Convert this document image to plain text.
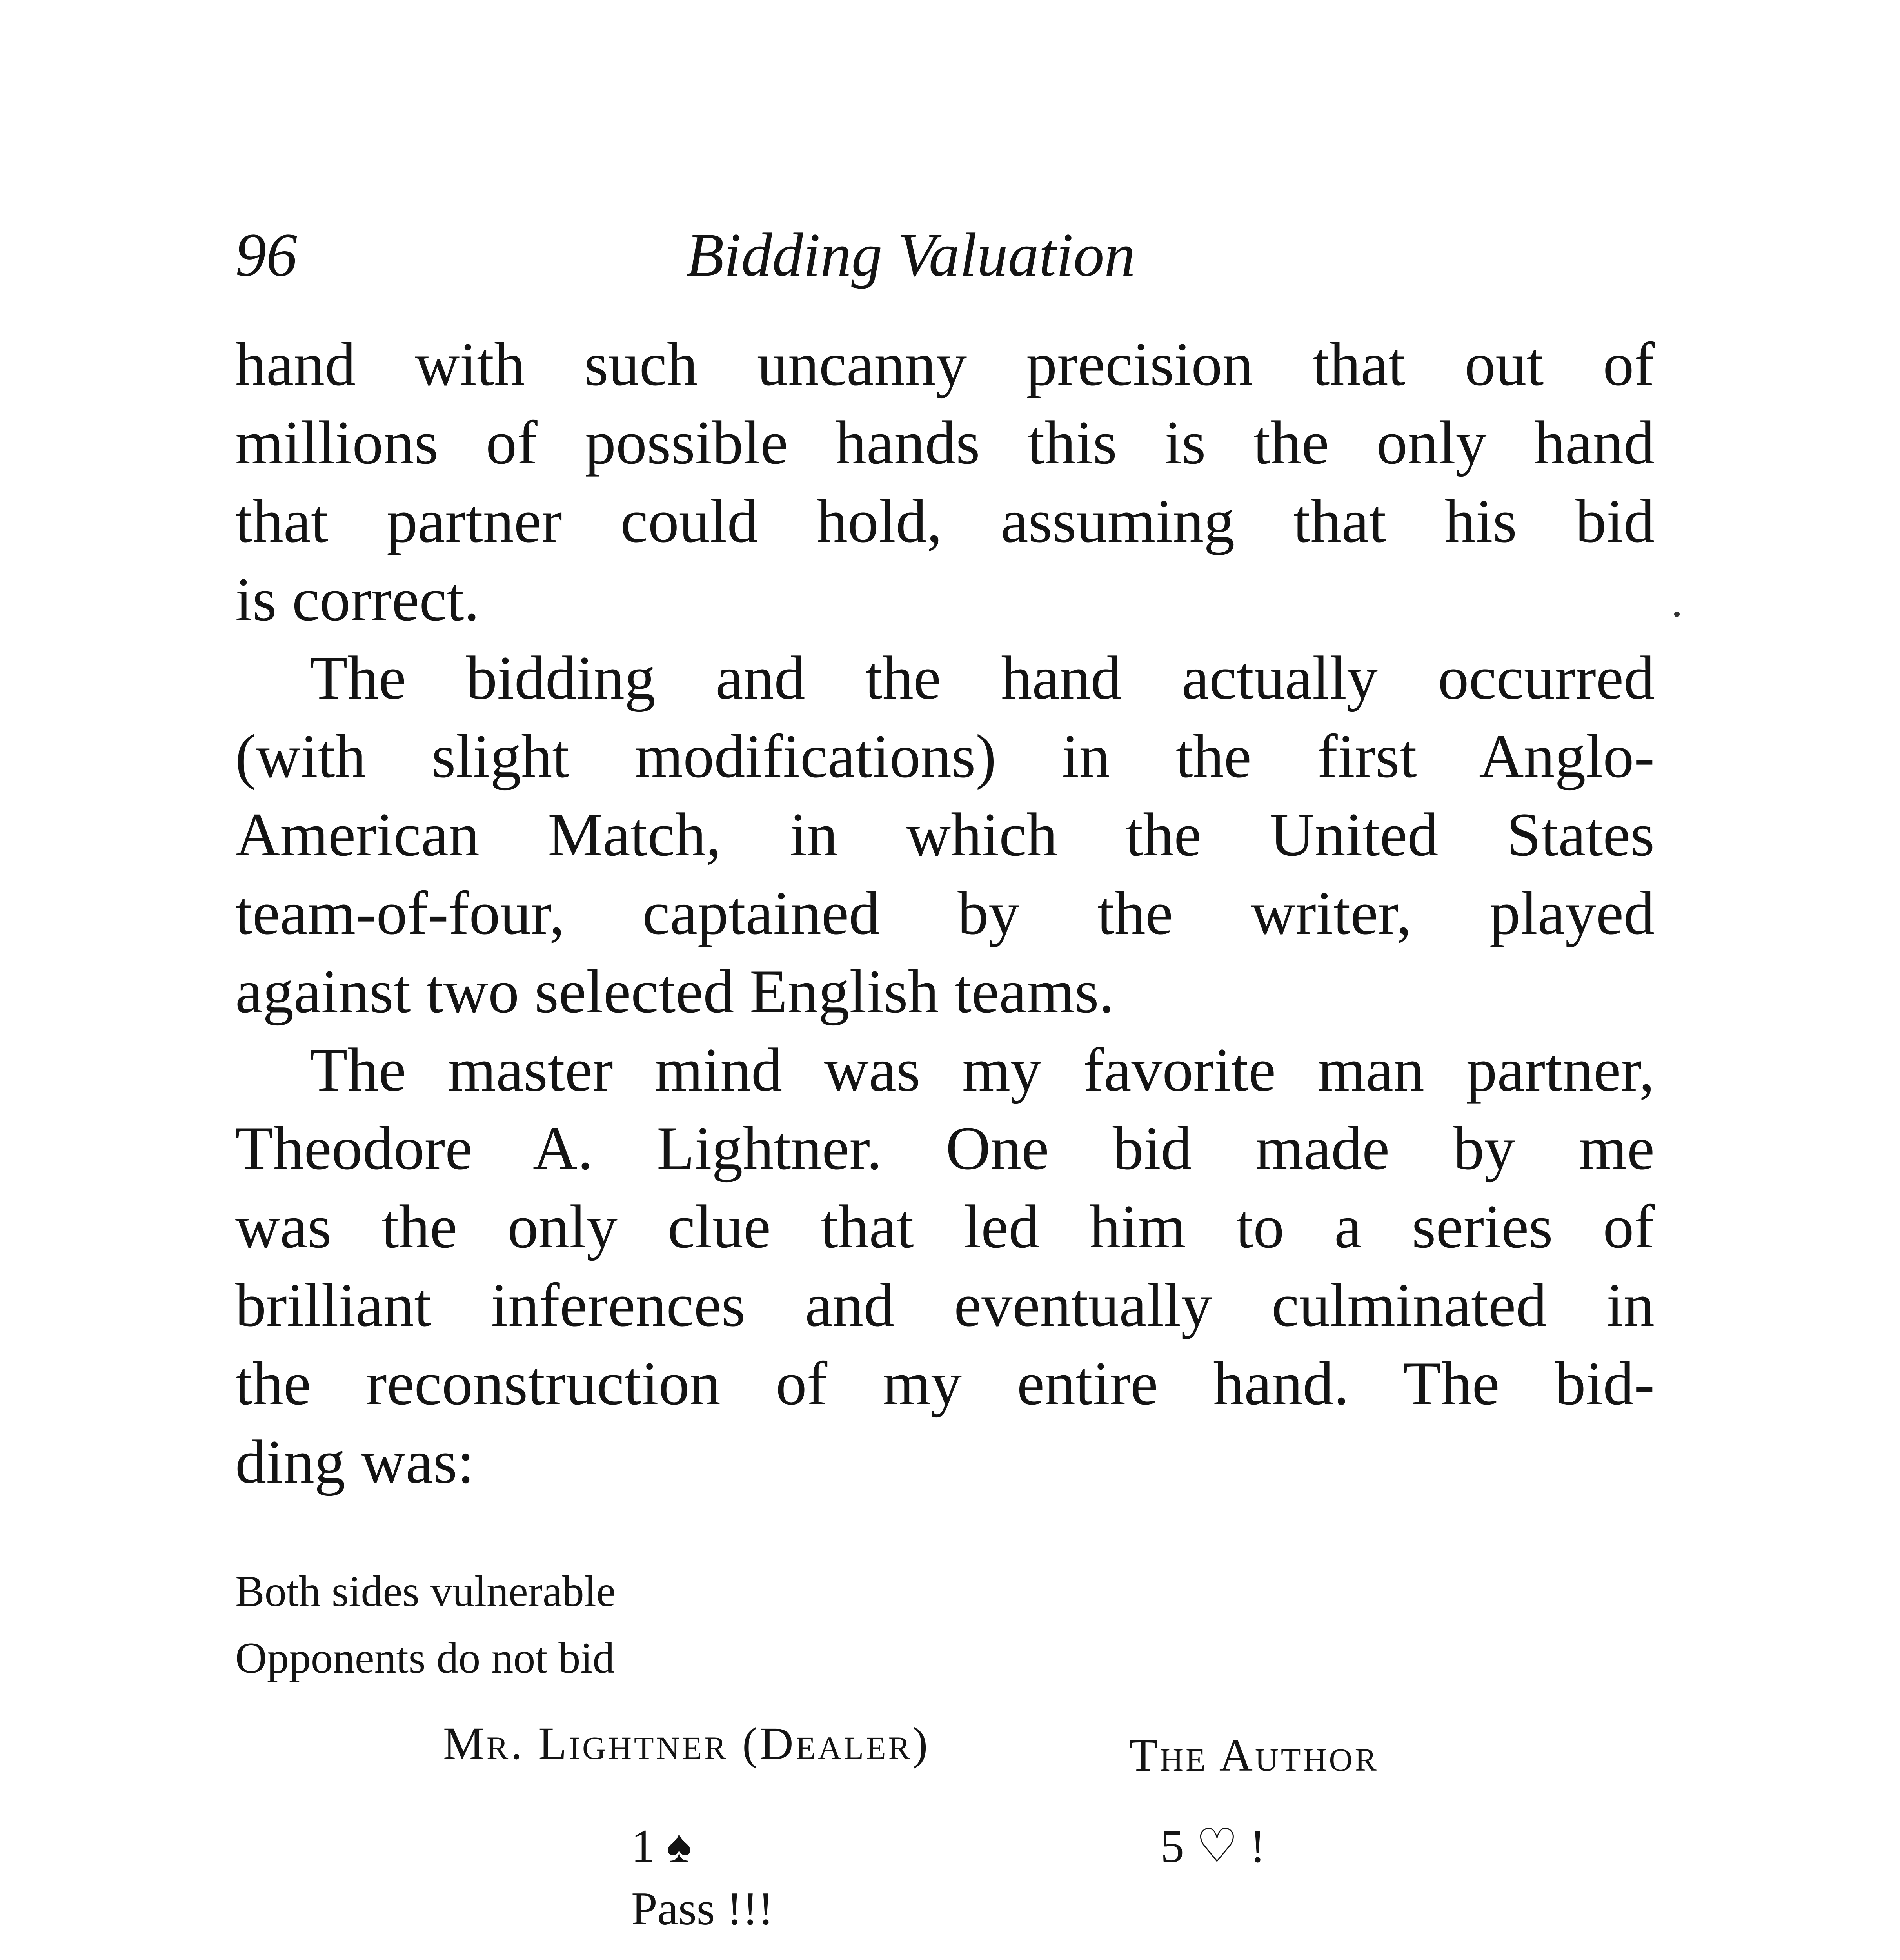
96	Bidding Valuation
hand with such uncanny precision that out of
millions of possible hands this is the only hand
that partner could hold, assuming that his bid
is correct.
The bidding and the hand actually occurred
(with slight modifications) in the first Anglo-
American Match, in which the United States
team-of-four, captained by the writer, played
against two selected English teams.
The master mind was my favorite man partner,
Theodore A. Lightner. One bid made by me
was the only clue that led him to a series of
brilliant inferences and eventually culminated in
the reconstruction of my entire hand. The bid-
ding was:
Both sides vulnerable
Opponents do not bid
Mr. Lightner (Dealer)	The Author
1 ♠	5 ♡ !
Pass !!!
